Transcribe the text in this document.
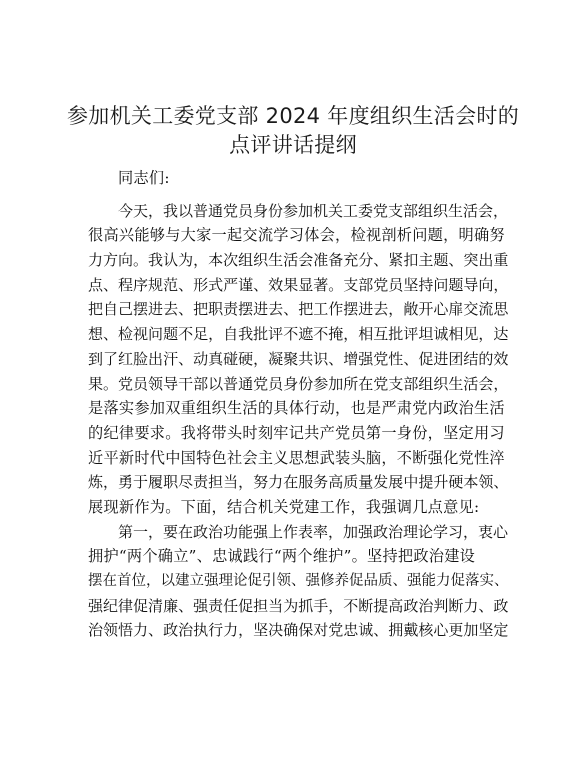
参加机关工委党支部 2024 年度组织生活会时的
点评讲话提纲
同志们:
今天，我以普通党员身份参加机关工委党支部组织生活会，
很高兴能够与大家一起交流学习体会，检视剖析问题，明确努
力方向。我认为，本次组织生活会准备充分、紧扣主题、突出重
点、程序规范、形式严谨、效果显著。支部党员坚持问题导向，
把自己摆进去、把职责摆进去、把工作摆进去，敞开心扉交流思
想、检视问题不足，自我批评不遮不掩，相互批评坦诚相见，达
到了红脸出汗、动真碰硬，凝聚共识、增强党性、促进团结的效
果。党员领导干部以普通党员身份参加所在党支部组织生活会，
是落实参加双重组织生活的具体行动，也是严肃党内政治生活
的纪律要求。我将带头时刻牢记共产党员第一身份，坚定用习
近平新时代中国特色社会主义思想武装头脑，不断强化党性淬
炼，勇于履职尽责担当，努力在服务高质量发展中提升硬本领、
展现新作为。下面，结合机关党建工作，我强调几点意见:
第一，要在政治功能强上作表率，加强政治理论学习，衷心
拥护“两个确立”、忠诚践行“两个维护”。坚持把政治建设
摆在首位，以建立强理论促引领、强修养促品质、强能力促落实、
强纪律促清廉、强责任促担当为抓手，不断提高政治判断力、政
治领悟力、政治执行力，坚决确保对党忠诚、拥戴核心更加坚定
